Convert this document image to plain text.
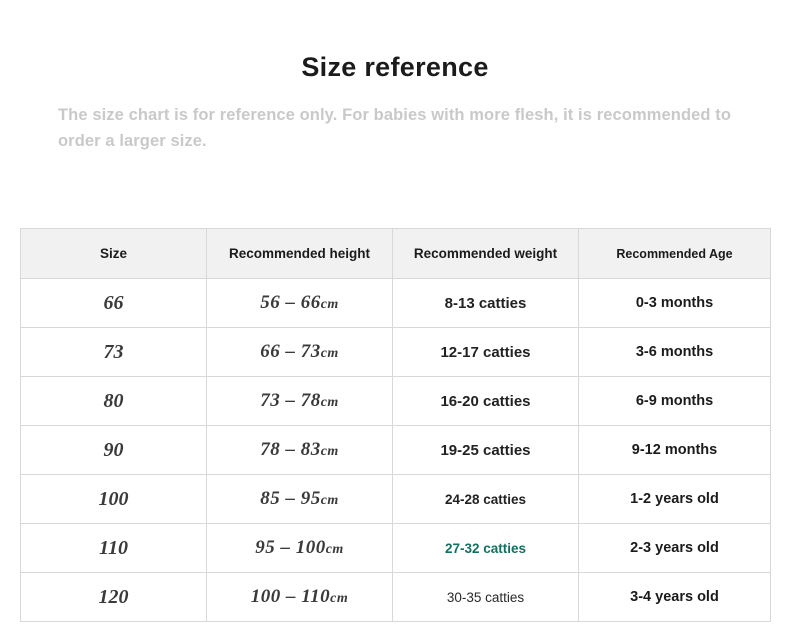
Size reference

The size chart is for reference only. For babies with more flesh, it is recommended to order a larger size.

Size	Recommended height	Recommended weight	Recommended Age
66	56 – 66cm	8-13 catties	0-3 months
73	66 – 73cm	12-17 catties	3-6 months
80	73 – 78cm	16-20 catties	6-9 months
90	78 – 83cm	19-25 catties	9-12 months
100	85 – 95cm	24-28 catties	1-2 years old
110	95 – 100cm	27-32 catties	2-3 years old
120	100 – 110cm	30-35 catties	3-4 years old
